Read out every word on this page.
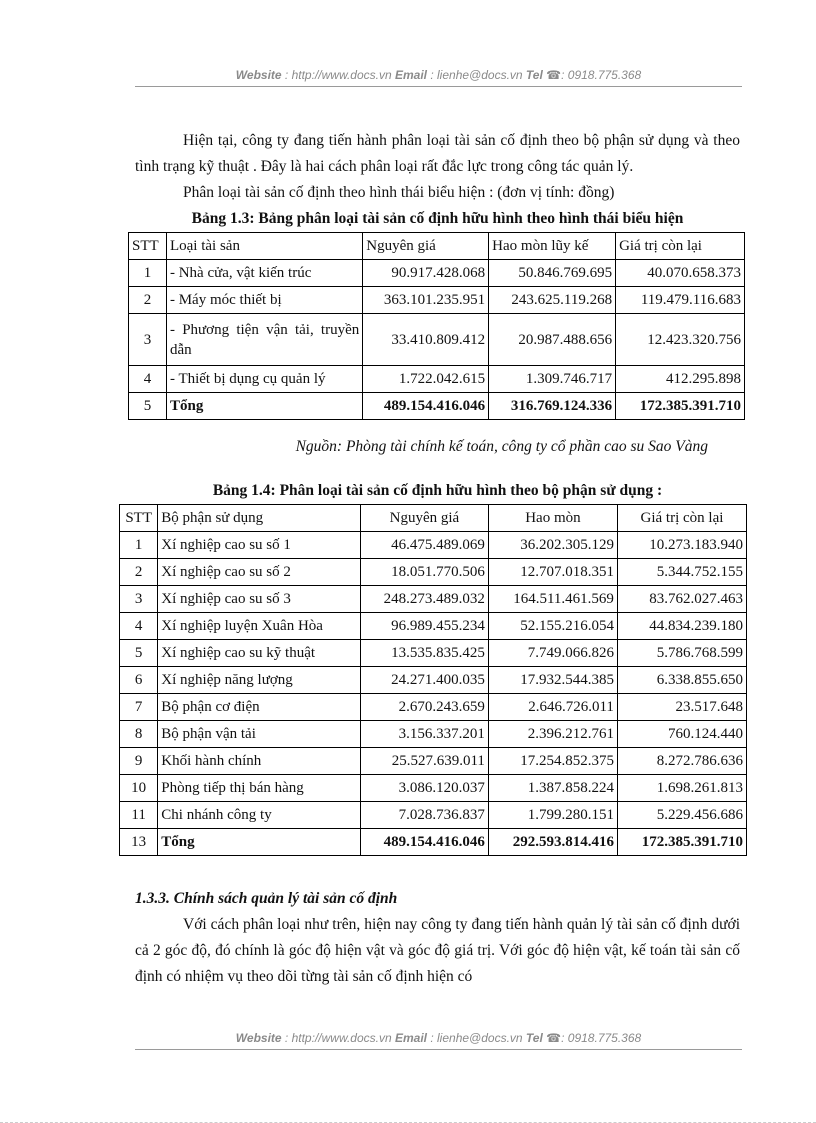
Website : http://www.docs.vn Email : lienhe@docs.vn Tel ☎: 0918.775.368

Hiện tại, công ty đang tiến hành phân loại tài sản cố định theo bộ phận sử dụng và theo tình trạng kỹ thuật . Đây là hai cách phân loại rất đắc lực trong công tác quản lý.

Phân loại tài sản cố định theo hình thái biểu hiện : (đơn vị tính: đồng)

Bảng 1.3: Bảng phân loại tài sản cố định hữu hình theo hình thái biểu hiện
STT	Loại tài sản	Nguyên giá	Hao mòn lũy kế	Giá trị còn lại
1	- Nhà cửa, vật kiến trúc	90.917.428.068	50.846.769.695	40.070.658.373
2	- Máy móc thiết bị	363.101.235.951	243.625.119.268	119.479.116.683
3	- Phương tiện vận tải, truyền dẫn	33.410.809.412	20.987.488.656	12.423.320.756
4	- Thiết bị dụng cụ quản lý	1.722.042.615	1.309.746.717	412.295.898
5	Tổng	489.154.416.046	316.769.124.336	172.385.391.710
Nguồn: Phòng tài chính kế toán, công ty cổ phần cao su Sao Vàng
Bảng 1.4: Phân loại tài sản cố định hữu hình theo bộ phận sử dụng :
STT	Bộ phận sử dụng	Nguyên giá	Hao mòn	Giá trị còn lại
1	Xí nghiệp cao su số 1	46.475.489.069	36.202.305.129	10.273.183.940
2	Xí nghiệp cao su số 2	18.051.770.506	12.707.018.351	5.344.752.155
3	Xí nghiệp cao su số 3	248.273.489.032	164.511.461.569	83.762.027.463
4	Xí nghiệp luyện Xuân Hòa	96.989.455.234	52.155.216.054	44.834.239.180
5	Xí nghiệp cao su kỹ thuật	13.535.835.425	7.749.066.826	5.786.768.599
6	Xí nghiệp năng lượng	24.271.400.035	17.932.544.385	6.338.855.650
7	Bộ phận cơ điện	2.670.243.659	2.646.726.011	23.517.648
8	Bộ phận vận tải	3.156.337.201	2.396.212.761	760.124.440
9	Khối hành chính	25.527.639.011	17.254.852.375	8.272.786.636
10	Phòng tiếp thị bán hàng	3.086.120.037	1.387.858.224	1.698.261.813
11	Chi nhánh công ty	7.028.736.837	1.799.280.151	5.229.456.686
13	Tổng	489.154.416.046	292.593.814.416	172.385.391.710
1.3.3. Chính sách quản lý tài sản cố định

Với cách phân loại như trên, hiện nay công ty đang tiến hành quản lý tài sản cố định dưới cả 2 góc độ, đó chính là góc độ hiện vật và góc độ giá trị. Với góc độ hiện vật, kế toán tài sản cố định có nhiệm vụ theo dõi từng tài sản cố định hiện có

Website : http://www.docs.vn Email : lienhe@docs.vn Tel ☎: 0918.775.368
